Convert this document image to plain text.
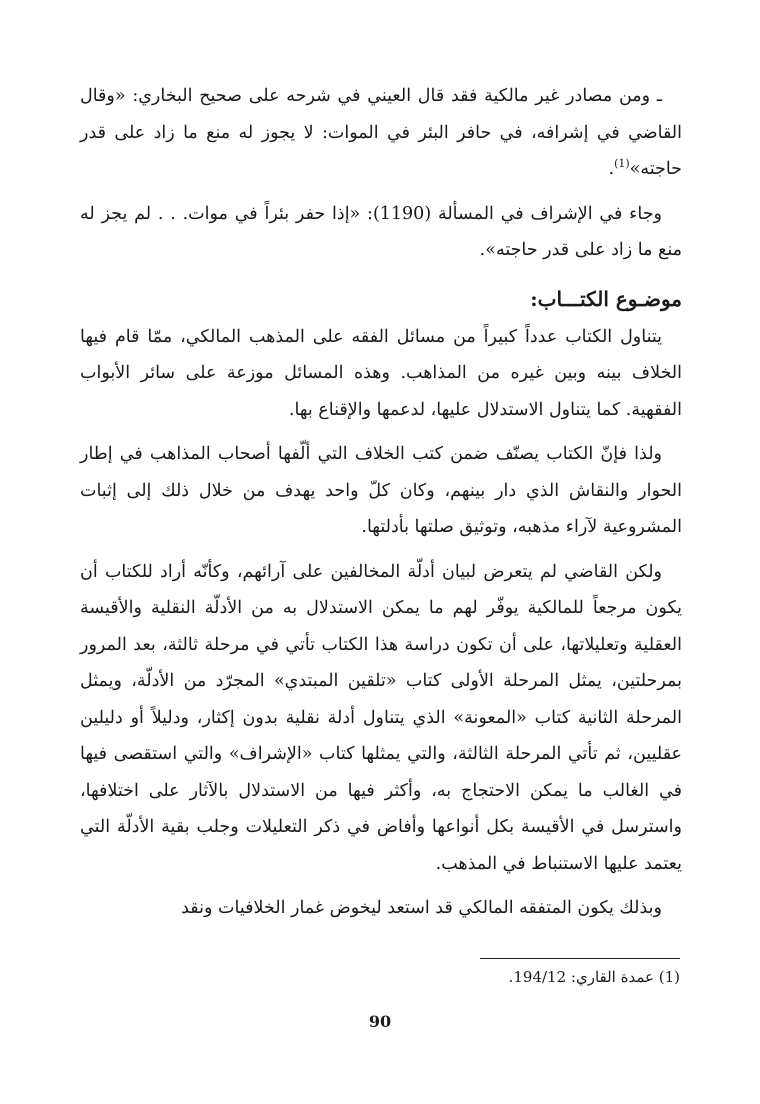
ـ ومن مصادر غير مالكية فقد قال العيني في شرحه على صحيح البخاري: «وقال القاضي في إشرافه، في حافر البئر في الموات: لا يجوز له منع ما زاد على قدر حاجته»$^{(1)}$.

وجاء في الإشراف في المسألة (1190): «إذا حفر بئراً في موات. . . لم يجز له منع ما زاد على قدر حاجته».

موضـوع الكتـــاب:

يتناول الكتاب عدداً كبيراً من مسائل الفقه على المذهب المالكي، ممّا قام فيها الخلاف بينه وبين غيره من المذاهب. وهذه المسائل موزعة على سائر الأبواب الفقهية. كما يتناول الاستدلال عليها، لدعمها والإقناع بها.

ولذا فإنّ الكتاب يصنّف ضمن كتب الخلاف التي ألّفها أصحاب المذاهب في إطار الحوار والنقاش الذي دار بينهم، وكان كلّ واحد يهدف من خلال ذلك إلى إثبات المشروعية لآراء مذهبه، وتوثيق صلتها بأدلتها.

ولكن القاضي لم يتعرض لبيان أدلّة المخالفين على آرائهم، وكأنّه أراد للكتاب أن يكون مرجعاً للمالكية يوفّر لهم ما يمكن الاستدلال به من الأدلّة النقلية والأقيسة العقلية وتعليلاتها، على أن تكون دراسة هذا الكتاب تأتي في مرحلة ثالثة، بعد المرور بمرحلتين، يمثل المرحلة الأولى كتاب «تلقين المبتدي» المجرّد من الأدلّة، ويمثل المرحلة الثانية كتاب «المعونة» الذي يتناول أدلة نقلية بدون إكثار، ودليلاً أو دليلين عقليين، ثم تأتي المرحلة الثالثة، والتي يمثلها كتاب «الإشراف» والتي استقصى فيها في الغالب ما يمكن الاحتجاج به، وأكثر فيها من الاستدلال بالآثار على اختلافها، واسترسل في الأقيسة بكل أنواعها وأفاض في ذكر التعليلات وجلب بقية الأدلّة التي يعتمد عليها الاستنباط في المذهب.

وبذلك يكون المتفقه المالكي قد استعد ليخوض غمار الخلافيات ونقد

(1) عمدة القاري: 194/12.
90
